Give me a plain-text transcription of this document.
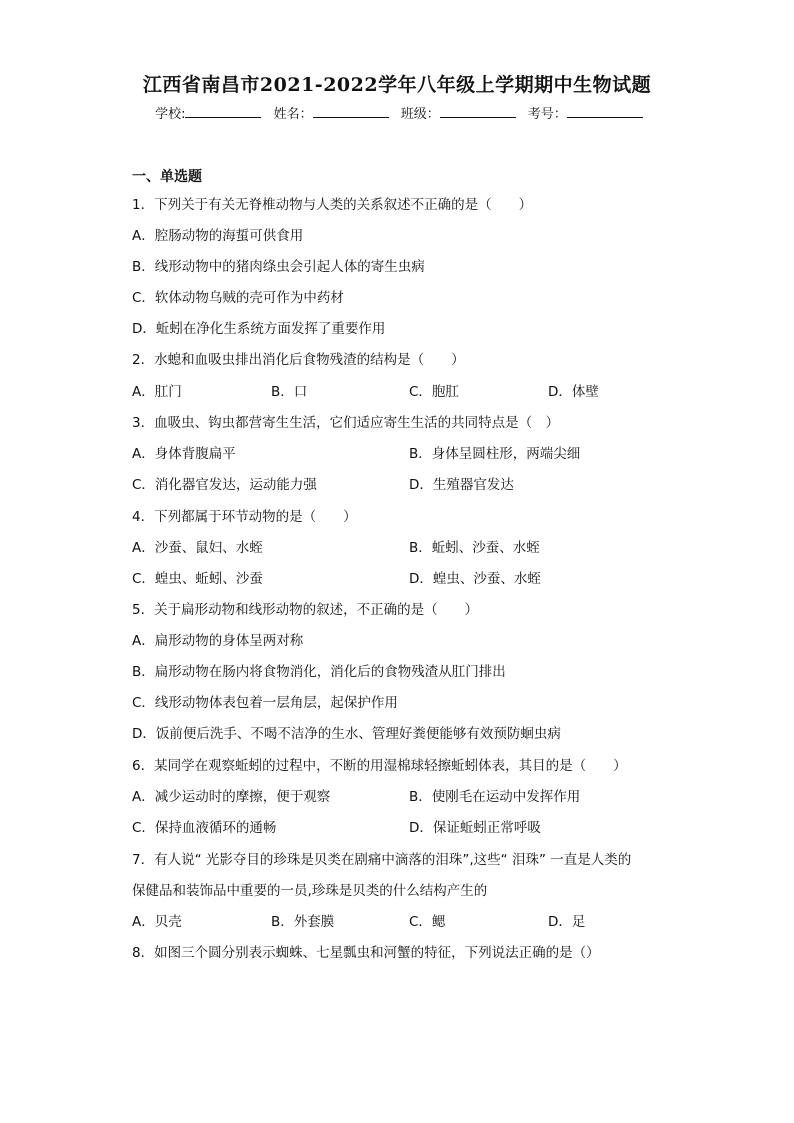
江西省南昌市2021-2022学年八年级上学期期中生物试题
学校:	姓名：	班级：	考号：
一、单选题
1．下列关于有关无脊椎动物与人类的关系叙述不正确的是（　　）
A．腔肠动物的海蜇可供食用
B．线形动物中的猪肉绦虫会引起人体的寄生虫病
C．软体动物乌贼的壳可作为中药材
D．蚯蚓在净化生系统方面发挥了重要作用
2．水螅和血吸虫排出消化后食物残渣的结构是（　　）
A．肛门	B．口	C．胞肛	D．体壁
3．血吸虫、钩虫都营寄生生活，它们适应寄生生活的共同特点是（　）
A．身体背腹扁平	B．身体呈圆柱形，两端尖细
C．消化器官发达，运动能力强	D．生殖器官发达
4．下列都属于环节动物的是（　　）
A．沙蚕、鼠妇、水蛭	B．蚯蚓、沙蚕、水蛭
C．蝗虫、蚯蚓、沙蚕	D．蝗虫、沙蚕、水蛭
5．关于扁形动物和线形动物的叙述，不正确的是（　　）
A．扁形动物的身体呈两对称
B．扁形动物在肠内将食物消化，消化后的食物残渣从肛门排出
C．线形动物体表包着一层角层，起保护作用
D．饭前便后洗手、不喝不洁净的生水、管理好粪便能够有效预防蛔虫病
6．某同学在观察蚯蚓的过程中，不断的用湿棉球轻擦蚯蚓体表，其目的是（　　）
A．减少运动时的摩擦，便于观察	B．使刚毛在运动中发挥作用
C．保持血液循环的通畅	D．保证蚯蚓正常呼吸
7．有人说“ 光影夺目的珍珠是贝类在剧痛中滴落的泪珠”,这些“ 泪珠” 一直是人类的
保健品和装饰品中重要的一员,珍珠是贝类的什么结构产生的
A．贝壳	B．外套膜	C．鳃	D．足
8．如图三个圆分别表示蜘蛛、七星瓢虫和河蟹的特征，下列说法正确的是（）
